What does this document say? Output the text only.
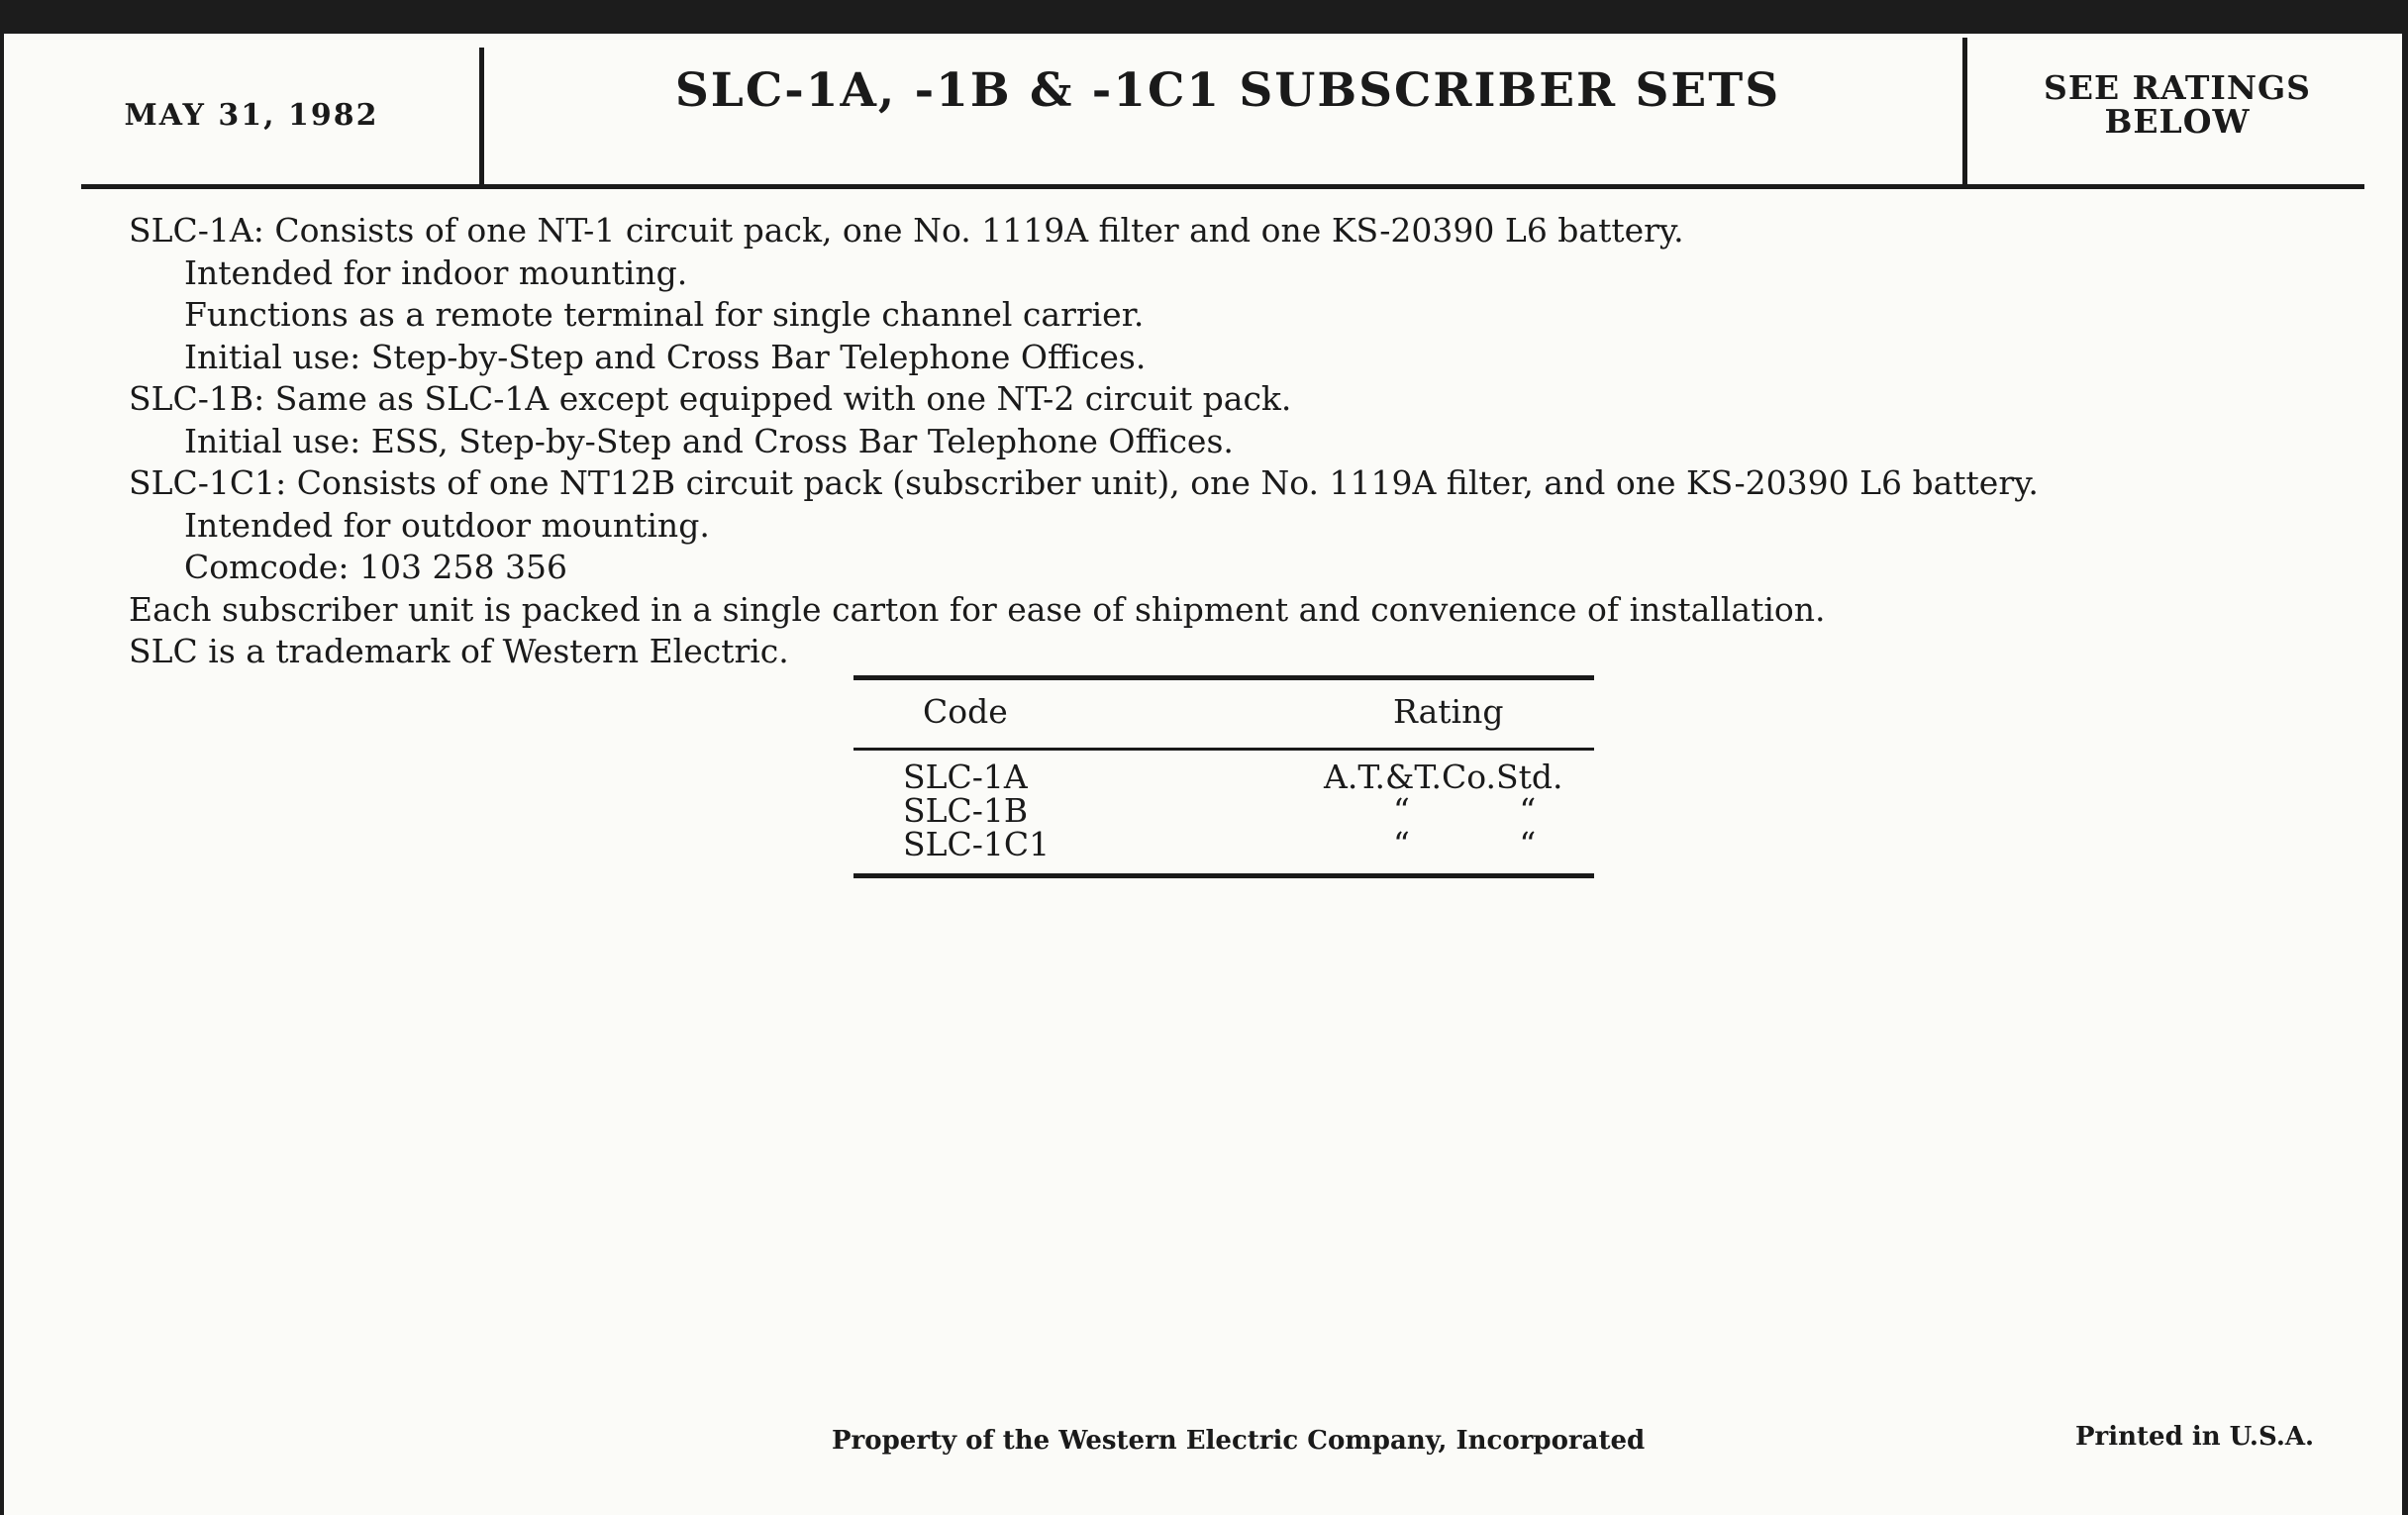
MAY 31, 1982	SLC-1A, -1B & -1C1 SUBSCRIBER SETS	SEE RATINGS
BELOW
SLC-1A: Consists of one NT-1 circuit pack, one No. 1119A filter and one KS-20390 L6 battery.
Intended for indoor mounting.
Functions as a remote terminal for single channel carrier.
Initial use: Step-by-Step and Cross Bar Telephone Offices.
SLC-1B: Same as SLC-1A except equipped with one NT-2 circuit pack.
Initial use: ESS, Step-by-Step and Cross Bar Telephone Offices.
SLC-1C1: Consists of one NT12B circuit pack (subscriber unit), one No. 1119A filter, and one KS-20390 L6 battery.
Intended for outdoor mounting.
Comcode: 103 258 356
Each subscriber unit is packed in a single carton for ease of shipment and convenience of installation.
SLC is a trademark of Western Electric.
Code	Rating
SLC-1A	A.T.&T.Co.Std.
SLC-1B	“ “
SLC-1C1	“ “
Property of the Western Electric Company, Incorporated	Printed in U.S.A.
